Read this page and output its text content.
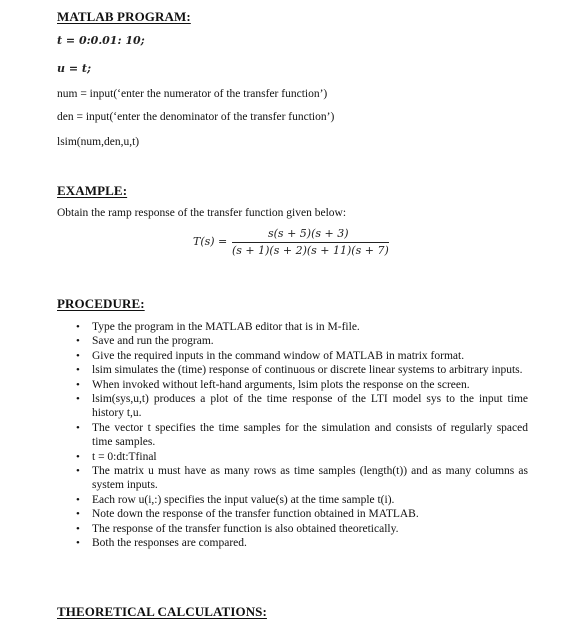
MATLAB PROGRAM:
t = 0:0.01: 10;
u = t;
num = input(‘enter the numerator of the transfer function’)
den = input(‘enter the denominator of the transfer function’)
lsim(num,den,u,t)
EXAMPLE:
Obtain the ramp response of the transfer function given below:
T(s) =
s(s + 5)(s + 3)
(s + 1)(s + 2)(s + 11)(s + 7)
PROCEDURE:
• Type the program in the MATLAB editor that is in M-file.
• Save and run the program.
• Give the required inputs in the command window of MATLAB in matrix format.
• lsim simulates the (time) response of continuous or discrete linear systems to arbitrary inputs.
• When invoked without left-hand arguments, lsim plots the response on the screen.
• lsim(sys,u,t) produces a plot of the time response of the LTI model sys to the input time history t,u.
• The vector t specifies the time samples for the simulation and consists of regularly spaced time samples.
• t = 0:dt:Tfinal
• The matrix u must have as many rows as time samples (length(t)) and as many columns as system inputs.
• Each row u(i,:) specifies the input value(s) at the time sample t(i).
• Note down the response of the transfer function obtained in MATLAB.
• The response of the transfer function is also obtained theoretically.
• Both the responses are compared.
THEORETICAL CALCULATIONS:
